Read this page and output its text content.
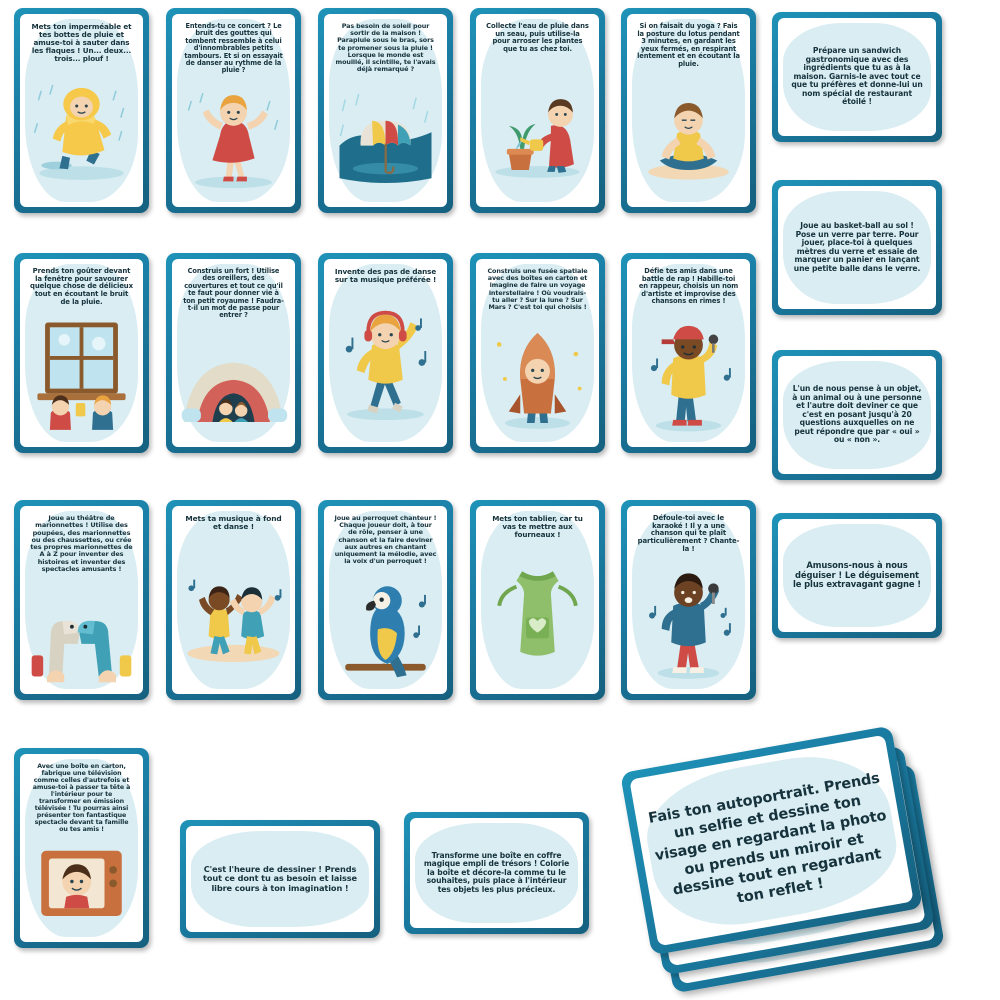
Mets ton imperméable et tes bottes de pluie et amuse-toi à sauter dans les flaques ! Un... deux... trois... plouf !
Entends-tu ce concert ? Le bruit des gouttes qui tombent ressemble à celui d'innombrables petits tambours. Et si on essayait de danser au rythme de la pluie ?
Pas besoin de soleil pour sortir de la maison ! Parapluie sous le bras, sors te promener sous la pluie ! Lorsque le monde est mouillé, il scintille, te l'avais déjà remarqué ?
Collecte l'eau de pluie dans un seau, puis utilise-la pour arroser les plantes que tu as chez toi.
Si on faisait du yoga ? Fais la posture du lotus pendant 3 minutes, en gardant les yeux fermés, en respirant lentement et en écoutant la pluie.
Prépare un sandwich gastronomique avec des ingrédients que tu as à la maison. Garnis-le avec tout ce que tu préfères et donne-lui un nom spécial de restaurant étoilé !
Prends ton goûter devant la fenêtre pour savourer quelque chose de délicieux tout en écoutant le bruit de la pluie.
Construis un fort ! Utilise des oreillers, des couvertures et tout ce qu'il te faut pour donner vie à ton petit royaume ! Faudra-t-il un mot de passe pour entrer ?
Invente des pas de danse sur ta musique préférée !
Construis une fusée spatiale avec des boîtes en carton et imagine de faire un voyage interstellaire ! Où voudrais-tu aller ? Sur la lune ? Sur Mars ? C'est toi qui choisis !
Défie tes amis dans une battle de rap ! Habille-toi en rappeur, choisis un nom d'artiste et improvise des chansons en rimes !
Joue au basket-ball au sol ! Pose un verre par terre. Pour jouer, place-toi à quelques mètres du verre et essaie de marquer un panier en lançant une petite balle dans le verre.
L'un de nous pense à un objet, à un animal ou à une personne et l'autre doit deviner ce que c'est en posant jusqu'à 20 questions auxquelles on ne peut répondre que par « oui » ou « non ».
Joue au théâtre de marionnettes ! Utilise des poupées, des marionnettes ou des chaussettes, ou crée tes propres marionnettes de A à Z pour inventer des histoires et inventer des spectacles amusants !
Mets ta musique à fond et danse !
Joue au perroquet chanteur ! Chaque joueur doit, à tour de rôle, penser à une chanson et la faire deviner aux autres en chantant uniquement la mélodie, avec la voix d'un perroquet !
Mets ton tablier, car tu vas te mettre aux fourneaux !
Défoule-toi avec le karaoké ! Il y a une chanson qui te plaît particulièrement ? Chante-la !
Amusons-nous à nous déguiser ! Le déguisement le plus extravagant gagne !
Avec une boîte en carton, fabrique une télévision comme celles d'autrefois et amuse-toi à passer ta tête à l'intérieur pour te transformer en émission télévisée ! Tu pourras ainsi présenter ton fantastique spectacle devant ta famille ou tes amis !
C'est l'heure de dessiner ! Prends tout ce dont tu as besoin et laisse libre cours à ton imagination !
Transforme une boîte en coffre magique empli de trésors ! Colorie la boîte et décore-la comme tu le souhaites, puis place à l'intérieur tes objets les plus précieux.
Fais ton autoportrait. Prends un selfie et dessine ton visage en regardant la photo ou prends un miroir et dessine tout en regardant ton reflet !
